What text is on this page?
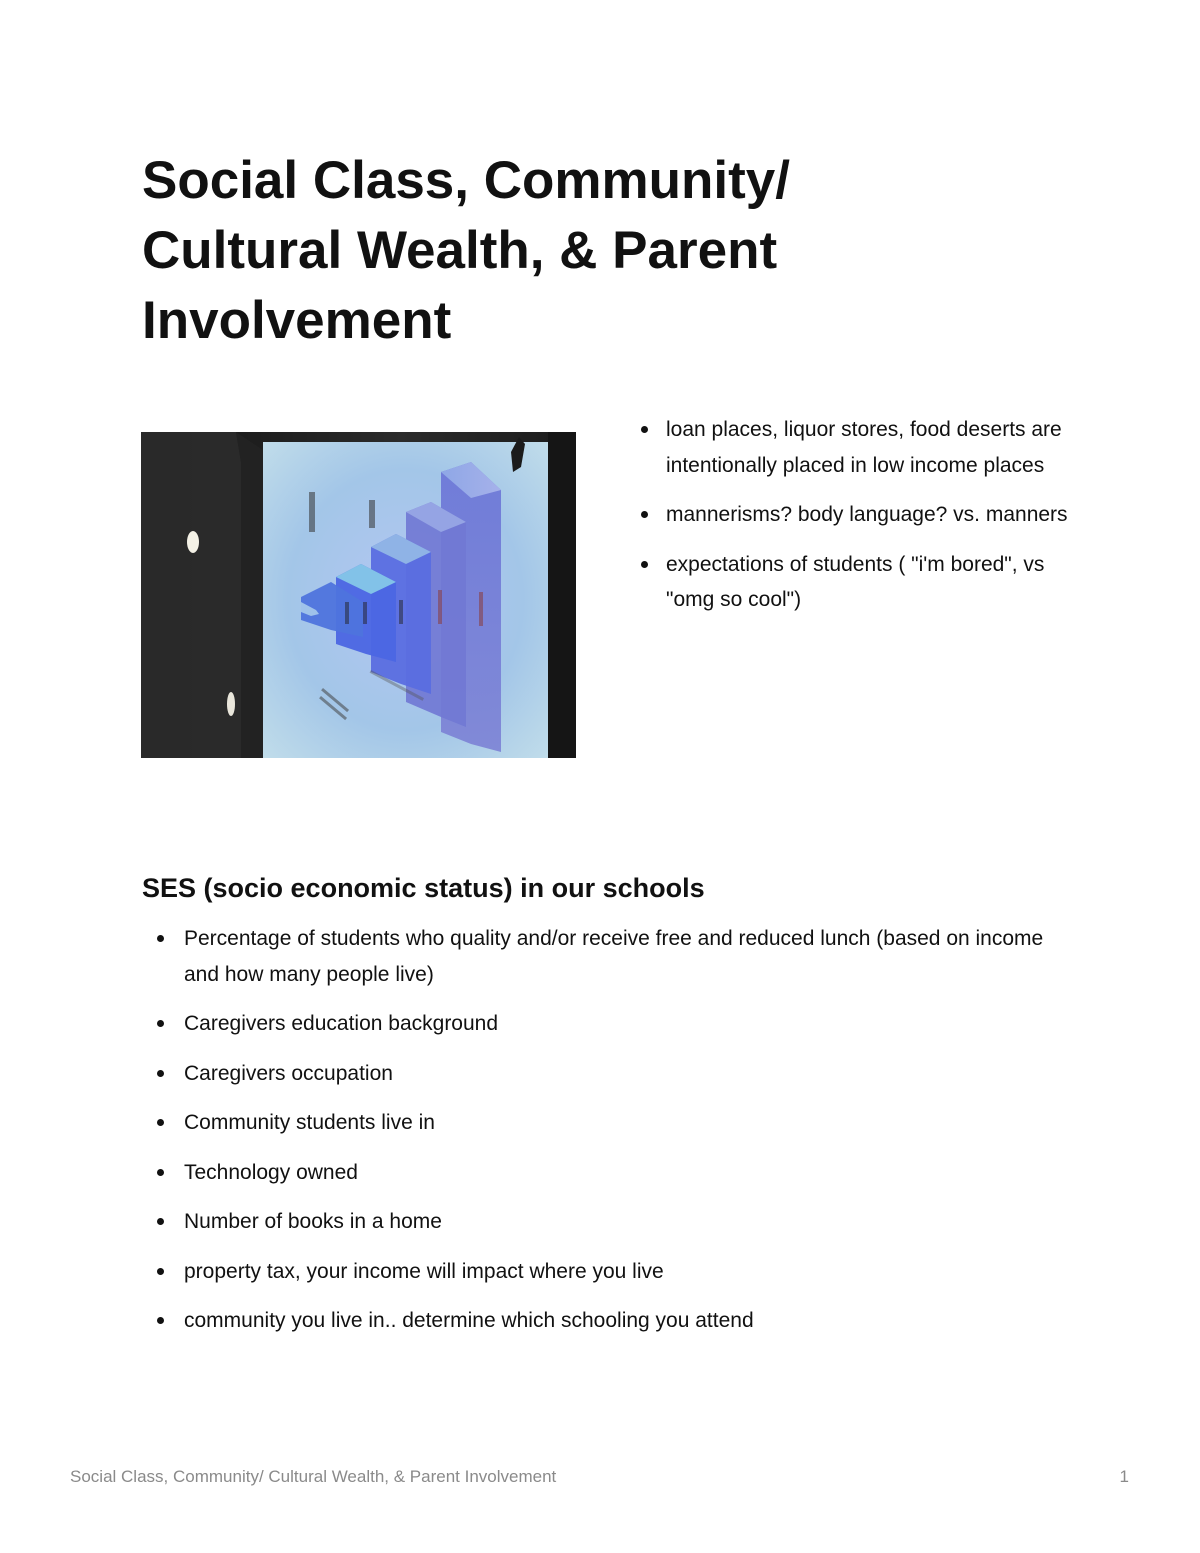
Social Class, Community/ Cultural Wealth, & Parent Involvement
loan places, liquor stores, food deserts are intentionally placed in low income places
mannerisms? body language? vs. manners
expectations of students ( "i'm bored", vs "omg so cool")
SES (socio economic status) in our schools
Percentage of students who quality and/or receive free and reduced lunch (based on income and how many people live)
Caregivers education background
Caregivers occupation
Community students live in
Technology owned
Number of books in a home
property tax, your income will impact where you live
community you live in.. determine which schooling you attend
Social Class, Community/ Cultural Wealth, & Parent Involvement	1
